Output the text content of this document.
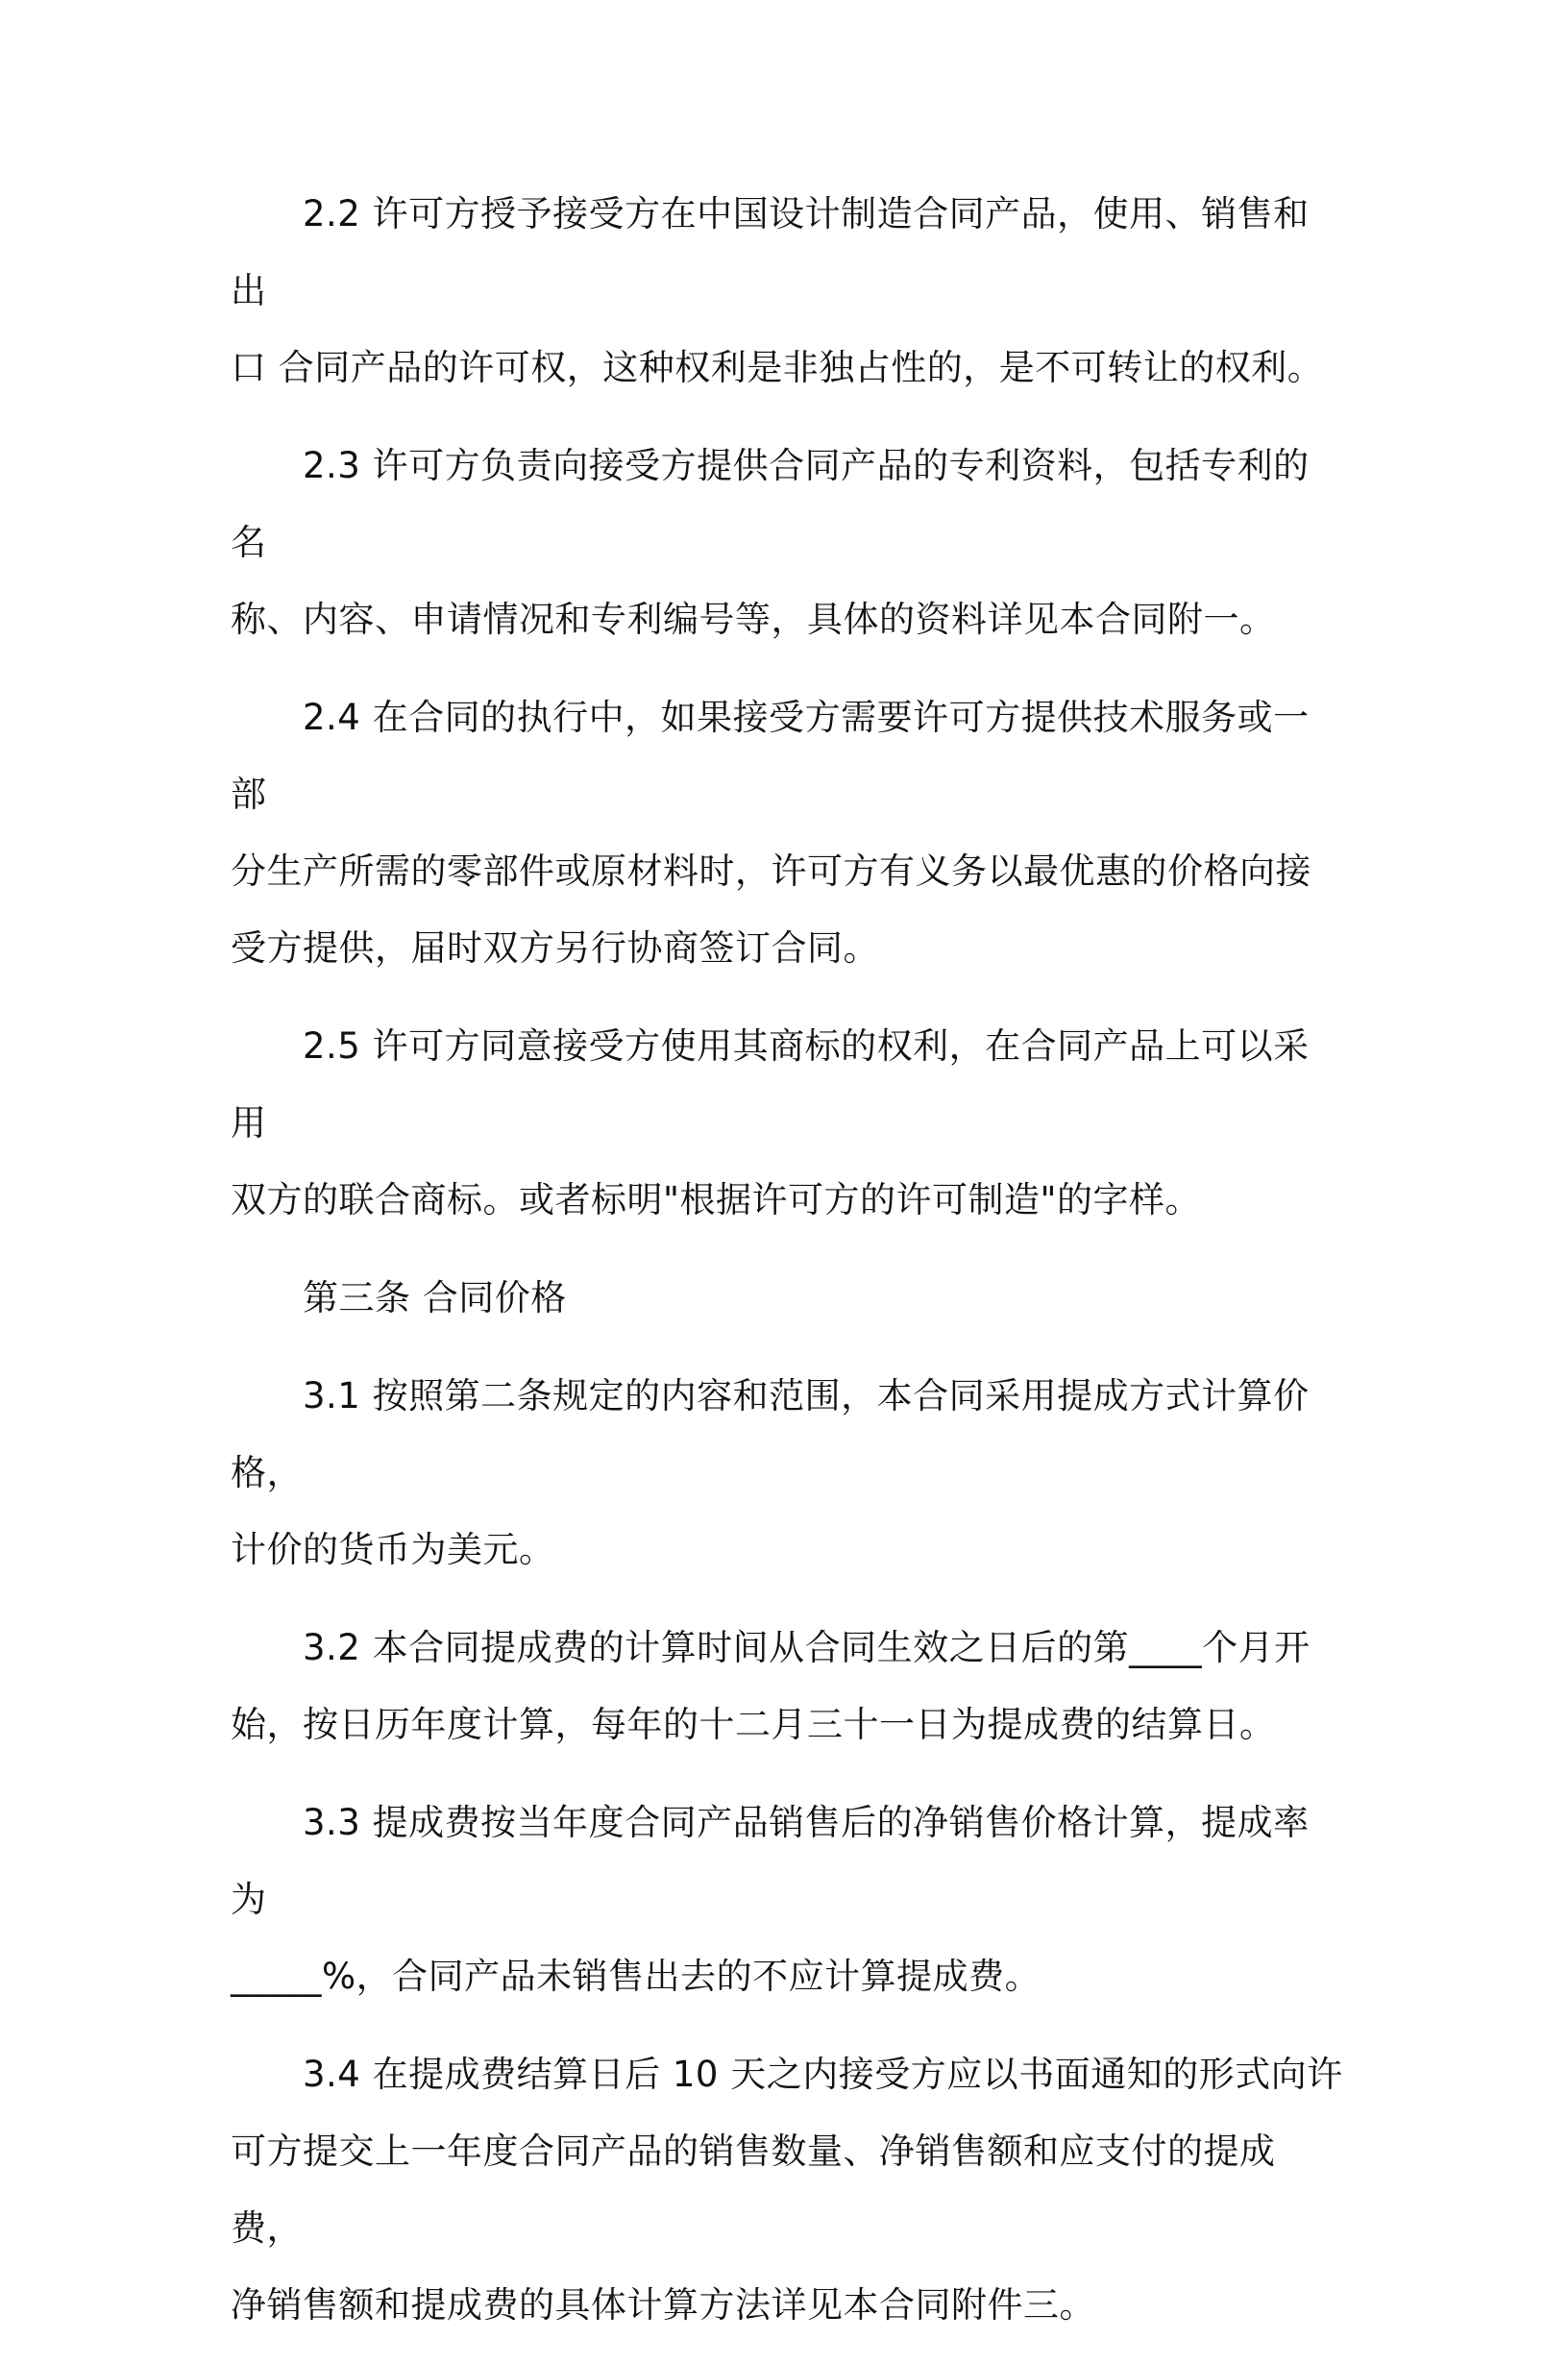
2.2 许可方授予接受方在中国设计制造合同产品，使用、销售和出
口 合同产品的许可权，这种权利是非独占性的，是不可转让的权利。
2.3 许可方负责向接受方提供合同产品的专利资料，包括专利的名
称、内容、申请情况和专利编号等，具体的资料详见本合同附一。
2.4 在合同的执行中，如果接受方需要许可方提供技术服务或一部
分生产所需的零部件或原材料时，许可方有义务以最优惠的价格向接
受方提供，届时双方另行协商签订合同。
2.5 许可方同意接受方使用其商标的权利，在合同产品上可以采用
双方的联合商标。或者标明"根据许可方的许可制造"的字样。
第三条 合同价格
3.1 按照第二条规定的内容和范围，本合同采用提成方式计算价格，
计价的货币为美元。
3.2 本合同提成费的计算时间从合同生效之日后的第____个月开
始，按日历年度计算，每年的十二月三十一日为提成费的结算日。
3.3 提成费按当年度合同产品销售后的净销售价格计算，提成率为
_____%，合同产品未销售出去的不应计算提成费。
3.4 在提成费结算日后 10 天之内接受方应以书面通知的形式向许
可方提交上一年度合同产品的销售数量、净销售额和应支付的提成费，
净销售额和提成费的具体计算方法详见本合同附件三。
